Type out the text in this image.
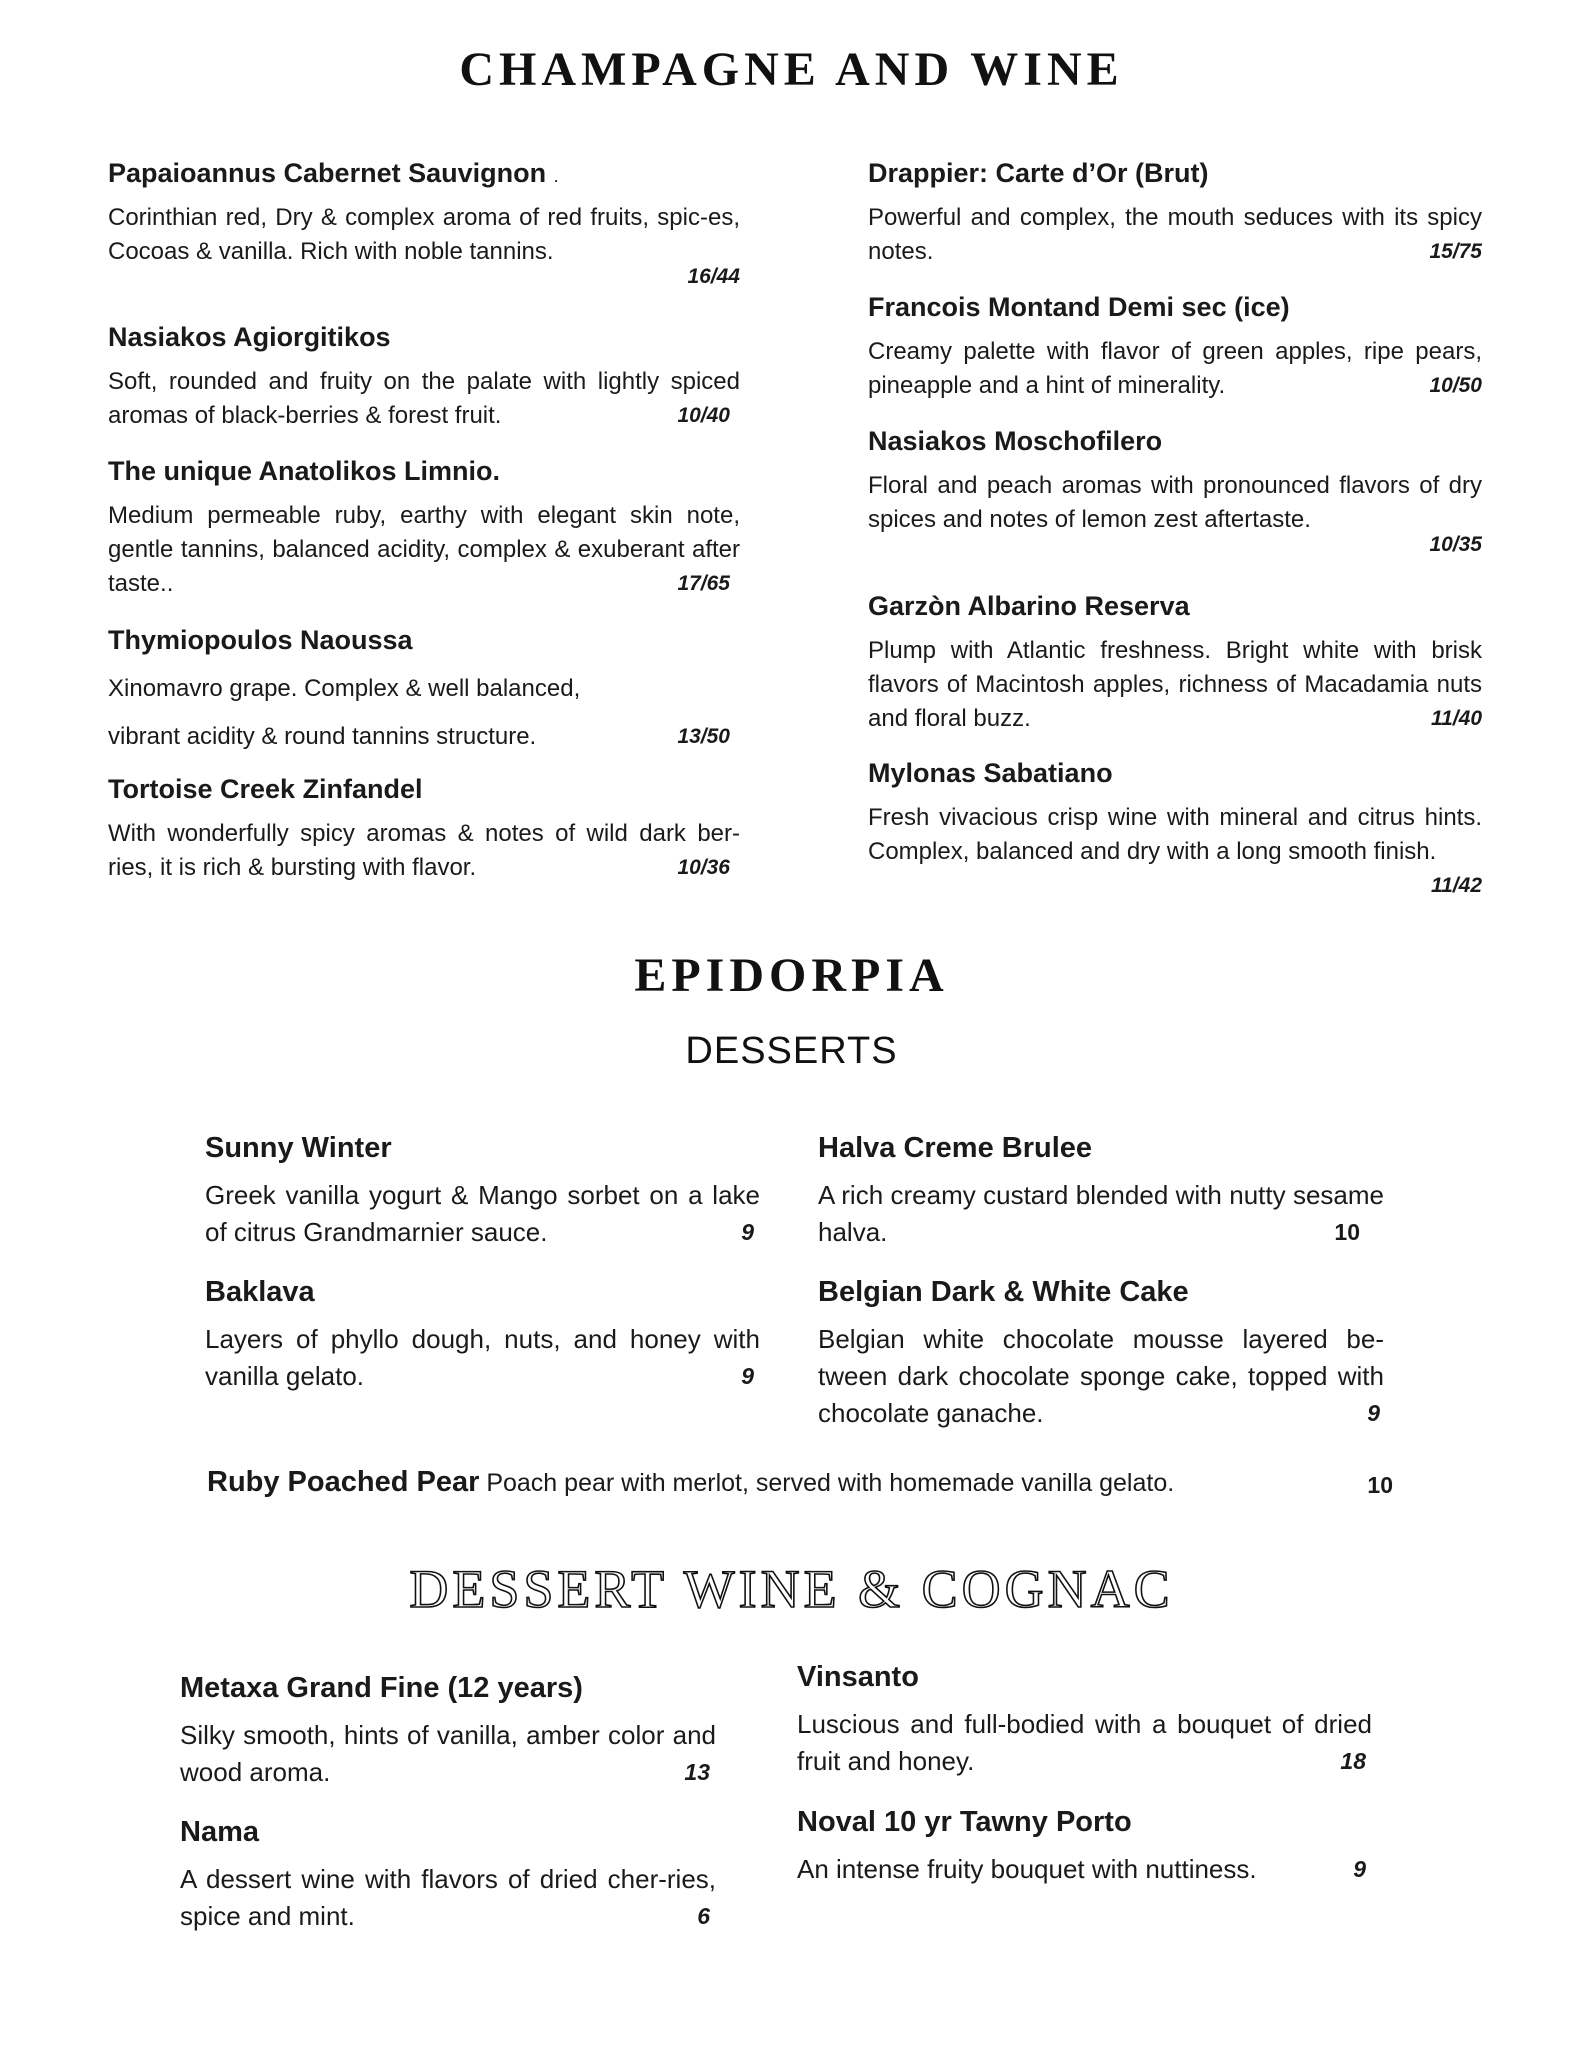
CHAMPAGNE AND WINE
Papaioannus Cabernet Sauvignon .

Corinthian red, Dry & complex aroma of red fruits, spic-es, Cocoas & vanilla. Rich with noble tannins.

16/44
Nasiakos Agiorgitikos

Soft, rounded and fruity on the palate with lightly spiced aromas of black-berries & forest fruit.	10/40

The unique Anatolikos Limnio.

Medium permeable ruby, earthy with elegant skin note, gentle tannins, balanced acidity, complex & exuberant after taste..	17/65

Thymiopoulos Naoussa

Xinomavro grape. Complex & well balanced,

vibrant acidity & round tannins structure.	13/50

Tortoise Creek Zinfandel

With wonderfully spicy aromas & notes of wild dark ber-ries, it is rich & bursting with flavor.	10/36

Drappier: Carte d’Or (Brut)

Powerful and complex, the mouth seduces with its spicy notes.	15/75

Francois Montand Demi sec (ice)

Creamy palette with flavor of green apples, ripe pears, pineapple and a hint of minerality.	10/50

Nasiakos Moschofilero

Floral and peach aromas with pronounced flavors of dry spices and notes of lemon zest aftertaste.

10/35
Garzòn Albarino Reserva

Plump with Atlantic freshness. Bright white with brisk flavors of Macintosh apples, richness of Macadamia nuts and floral buzz.	11/40

Mylonas Sabatiano

Fresh vivacious crisp wine with mineral and citrus hints. Complex, balanced and dry with a long smooth finish.
11/42

EPIDORPIA
DESSERTS
Sunny Winter

Greek vanilla yogurt & Mango sorbet on a lake of citrus Grandmarnier sauce.	9

Baklava

Layers of phyllo dough, nuts, and honey with vanilla gelato.	9

Halva Creme Brulee

A rich creamy custard blended with nutty sesame halva.	10

Belgian Dark & White Cake

Belgian white chocolate mousse layered be-tween dark chocolate sponge cake, topped with chocolate ganache.	9

Ruby Poached Pear Poach pear with merlot, served with homemade vanilla gelato.	10
DESSERT WINE & COGNAC
Metaxa Grand Fine (12 years)

Silky smooth, hints of vanilla, amber color and wood aroma.	13

Nama

A dessert wine with flavors of dried cher-ries, spice and mint.	6

Vinsanto

Luscious and full-bodied with a bouquet of dried fruit and honey.	18

Noval 10 yr Tawny Porto

An intense fruity bouquet with nuttiness.	9
